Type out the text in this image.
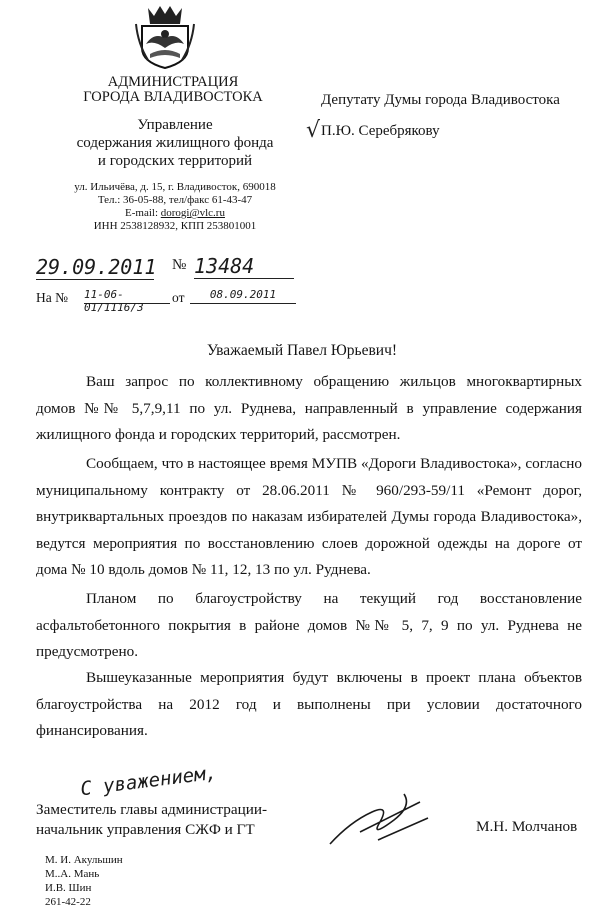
АДМИНИСТРАЦИЯ
ГОРОДА ВЛАДИВОСТОКА
Управление
содержания жилищного фонда
и городских территорий
ул. Ильичёва, д. 15, г. Владивосток, 690018
Тел.: 36-05-88, тел/факс 61-43-47
E-mail: dorogi@vlc.ru
ИНН 2538128932, КПП 253801001
Депутату Думы города Владивостока
√ П.Ю. Серебрякову
29.09.2011 № 13484
На № 11-06-01/1116/3
от	08.09.2011
Уважаемый Павел Юрьевич!

Ваш запрос по коллективному обращению жильцов многоквартирных домов №№ 5,7,9,11 по ул. Руднева, направленный в управление содержания жилищного фонда и городских территорий, рассмотрен.

Сообщаем, что в настоящее время МУПВ «Дороги Владивостока», согласно муниципальному контракту от 28.06.2011 № 960/293-59/11 «Ремонт дорог, внутриквартальных проездов по наказам избирателей Думы города Владивостока», ведутся мероприятия по восстановлению слоев дорожной одежды на дороге от дома № 10 вдоль домов № 11, 12, 13 по ул. Руднева.

Планом по благоустройству на текущий год восстановление асфальтобетонного покрытия в районе домов №№ 5, 7, 9 по ул. Руднева не предусмотрено.

Вышеуказанные мероприятия будут включены в проект плана объектов благоустройства на 2012 год и выполнены при условии достаточного финансирования.

С уважением,
Заместитель главы администрации-
начальник управления СЖФ и ГТ	М.Н. Молчанов
М. И. Акульшин
М..А. Мань
И.В. Шин
261-42-22
